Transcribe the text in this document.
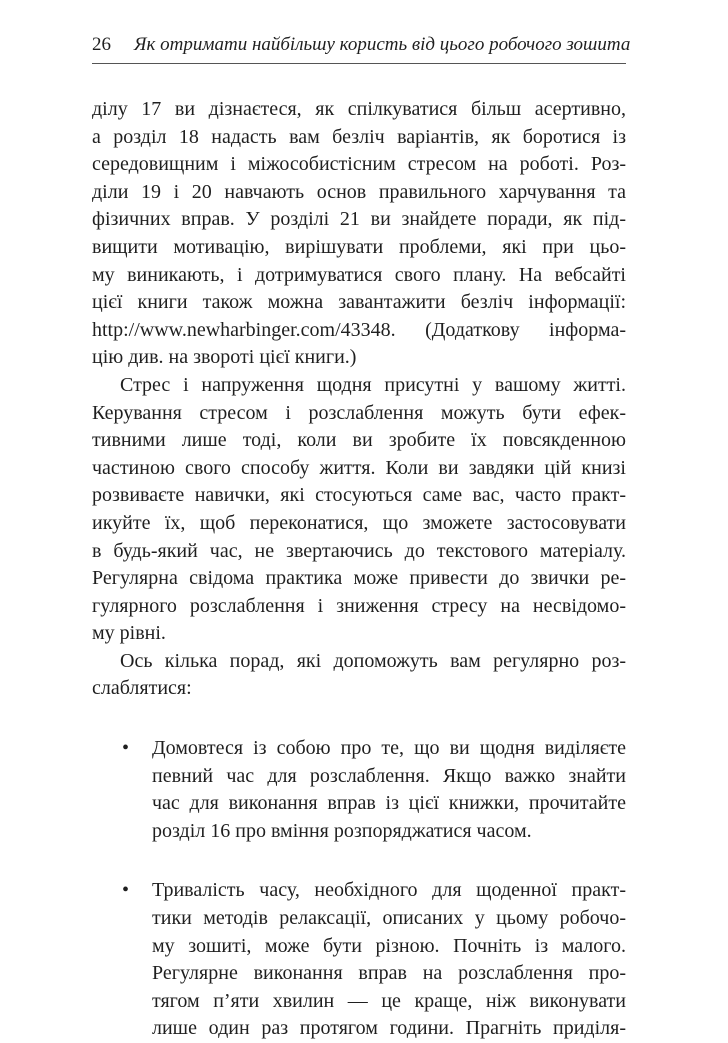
26 Як отримати найбільшу користь від цього робочого зошита
ділу 17 ви дізнаєтеся, як спілкуватися більш асертивно,
а розділ 18 надасть вам безліч варіантів, як боротися із
середовищним і міжособистісним стресом на роботі. Роз-
діли 19 і 20 навчають основ правильного харчування та
фізичних вправ. У розділі 21 ви знайдете поради, як під-
вищити мотивацію, вирішувати проблеми, які при цьо-
му виникають, і дотримуватися свого плану. На вебсайті
цієї книги також можна завантажити безліч інформації:
http://www.newharbinger.com/43348. (Додаткову інформа-
цію див. на звороті цієї книги.)
Стрес і напруження щодня присутні у вашому житті.
Керування стресом і розслаблення можуть бути ефек-
тивними лише тоді, коли ви зробите їх повсякденною
частиною свого способу життя. Коли ви завдяки цій книзі
розвиваєте навички, які стосуються саме вас, часто практ-
икуйте їх, щоб переконатися, що зможете застосовувати
в будь-який час, не звертаючись до текстового матеріалу.
Регулярна свідома практика може привести до звички ре-
гулярного розслаблення і зниження стресу на несвідомо-
му рівні.
Ось кілька порад, які допоможуть вам регулярно роз-
слаблятися:
• Домовтеся із собою про те, що ви щодня виділяєте
певний час для розслаблення. Якщо важко знайти
час для виконання вправ із цієї книжки, прочитайте
розділ 16 про вміння розпоряджатися часом.
• Тривалість часу, необхідного для щоденної практ-
тики методів релаксації, описаних у цьому робочо-
му зошиті, може бути різною. Почніть із малого.
Регулярне виконання вправ на розслаблення про-
тягом п’яти хвилин — це краще, ніж виконувати
лише один раз протягом години. Прагніть приділя-
